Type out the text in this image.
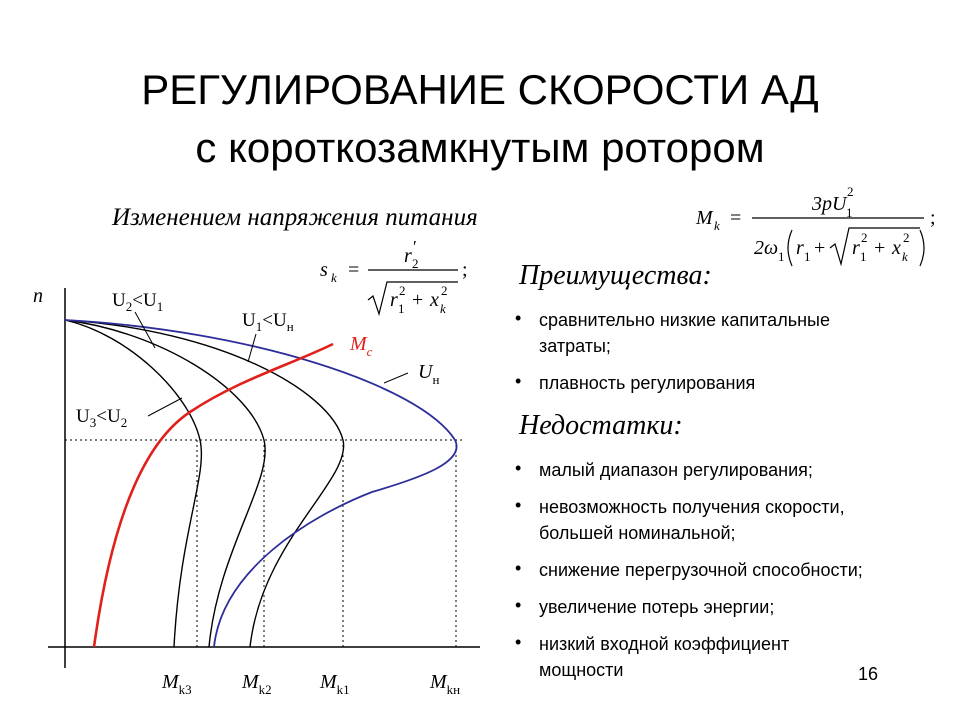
РЕГУЛИРОВАНИЕ СКОРОСТИ АД
с короткозамкнутым ротором
Изменением напряжения питания
s k =
r 2
′
r 1
2 + x k
2
;
M k =
3pU 1
2
2ω 1 r 1 + r 1
2 + x k
2
;
n	$U_2<U_1$
$U_1<U_н$
$U_3<U_2$
$U_н$
$M_c$
$M_{k3}$	$M_{k2}$ $M_{k1}$	$M_{kн}$
Преимущества:
• сравнительно низкие капитальные
затраты;
• плавность регулирования
Недостатки:
• малый диапазон регулирования;
• невозможность получения скорости,
большей номинальной;
• снижение перегрузочной способности;
• увеличение потерь энергии;
• низкий входной коэффициент
мощности	16
